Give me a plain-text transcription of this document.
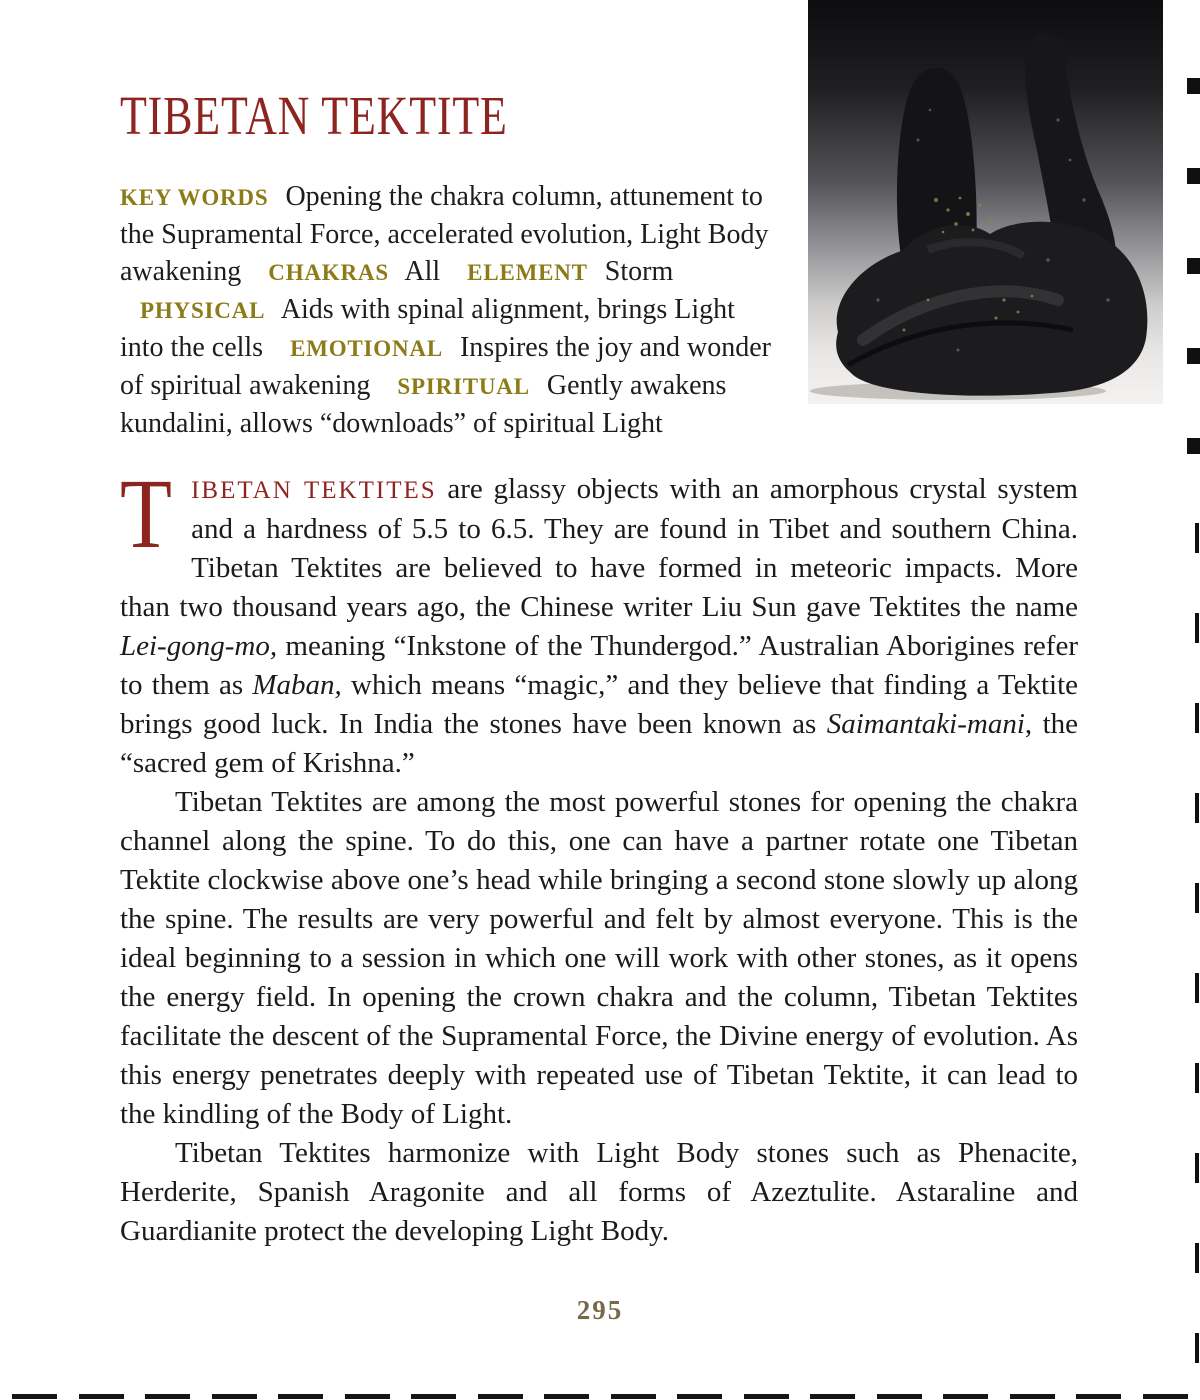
TIBETAN TEKTITE
KEY WORDS Opening the chakra column, attunement to the Supramental Force, accelerated evolution, Light Body awakening CHAKRAS All ELEMENT Storm PHYSICAL Aids with spinal alignment, brings Light into the cells EMOTIONAL Inspires the joy and wonder of spiritual awakening SPIRITUAL Gently awakens kundalini, allows “downloads” of spiritual Light

TIBETAN TEKTITES are glassy objects with an amorphous crystal system and a hardness of 5.5 to 6.5. They are found in Tibet and southern China. Tibetan Tektites are believed to have formed in meteoric impacts. More than two thousand years ago, the Chinese writer Liu Sun gave Tektites the name Lei-gong-mo, meaning “Inkstone of the Thundergod.” Australian Aborigines refer to them as Maban, which means “magic,” and they believe that finding a Tektite brings good luck. In India the stones have been known as Saimantaki-mani, the “sacred gem of Krishna.”

Tibetan Tektites are among the most powerful stones for opening the chakra channel along the spine. To do this, one can have a partner rotate one Tibetan Tektite clockwise above one’s head while bringing a second stone slowly up along the spine. The results are very powerful and felt by almost everyone. This is the ideal beginning to a session in which one will work with other stones, as it opens the energy field. In opening the crown chakra and the column, Tibetan Tektites facilitate the descent of the Supramental Force, the Divine energy of evolution. As this energy penetrates deeply with repeated use of Tibetan Tektite, it can lead to the kindling of the Body of Light.

Tibetan Tektites harmonize with Light Body stones such as Phenacite, Herderite, Spanish Aragonite and all forms of Azeztulite. Astaraline and Guardianite protect the developing Light Body.

295
